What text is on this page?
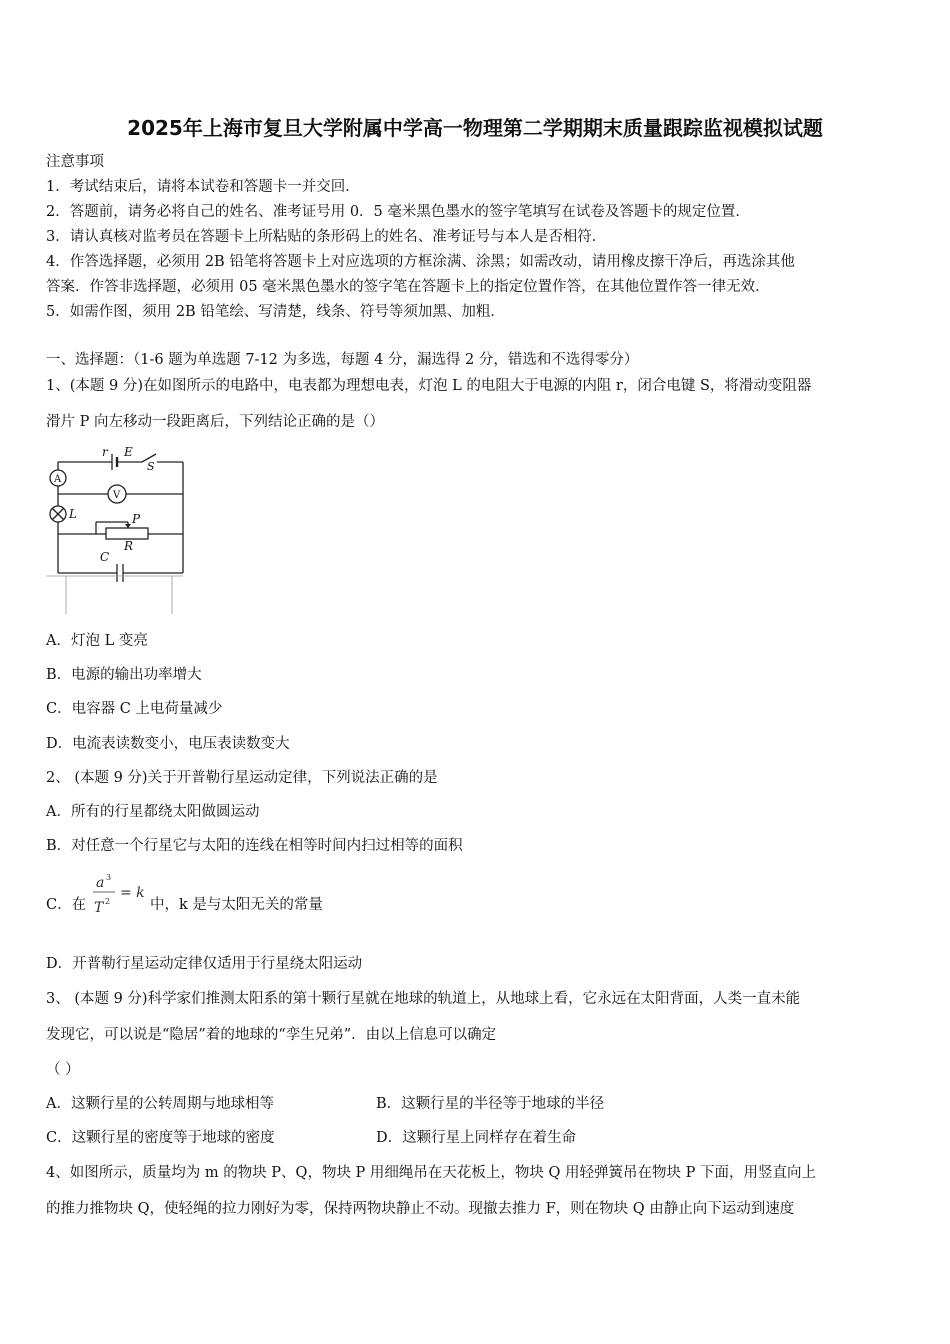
2025年上海市复旦大学附属中学高一物理第二学期期末质量跟踪监视模拟试题
注意事项
1．考试结束后，请将本试卷和答题卡一并交回．
2．答题前，请务必将自己的姓名、准考证号用 0．5 毫米黑色墨水的签字笔填写在试卷及答题卡的规定位置．
3．请认真核对监考员在答题卡上所粘贴的条形码上的姓名、准考证号与本人是否相符．
4．作答选择题，必须用 2B 铅笔将答题卡上对应选项的方框涂满、涂黑；如需改动，请用橡皮擦干净后，再选涂其他
答案．作答非选择题，必须用 05 毫米黑色墨水的签字笔在答题卡上的指定位置作答，在其他位置作答一律无效．
5．如需作图，须用 2B 铅笔绘、写清楚，线条、符号等须加黑、加粗．
一、选择题：（1-6 题为单选题 7-12 为多选，每题 4 分，漏选得 2 分，错选和不选得零分）
1、(本题 9 分)在如图所示的电路中，电表都为理想电表，灯泡 L 的电阻大于电源的内阻 r，闭合电键 S，将滑动变阻器
滑片 P 向左移动一段距离后，下列结论正确的是（）
r E
S
A
V
L	P
R
C
A．灯泡 L 变亮
B．电源的输出功率增大
C．电容器 C 上电荷量减少
D．电流表读数变小，电压表读数变大
2、 (本题 9 分)关于开普勒行星运动定律，下列说法正确的是
A．所有的行星都绕太阳做圆运动
B．对任意一个行星它与太阳的连线在相等时间内扫过相等的面积
C．在
a 3
T 2
= k
中，k 是与太阳无关的常量
D．开普勒行星运动定律仅适用于行星绕太阳运动
3、 (本题 9 分)科学家们推测太阳系的第十颗行星就在地球的轨道上，从地球上看，它永远在太阳背面，人类一直未能
发现它，可以说是“隐居”着的地球的“孪生兄弟”．由以上信息可以确定
（ ）
A．这颗行星的公转周期与地球相等	B．这颗行星的半径等于地球的半径
C．这颗行星的密度等于地球的密度	D．这颗行星上同样存在着生命
4、如图所示，质量均为 m 的物块 P、Q，物块 P 用细绳吊在天花板上，物块 Q 用轻弹簧吊在物块 P 下面，用竖直向上
的推力推物块 Q，使轻绳的拉力刚好为零，保持两物块静止不动。现撤去推力 F，则在物块 Q 由静止向下运动到速度
